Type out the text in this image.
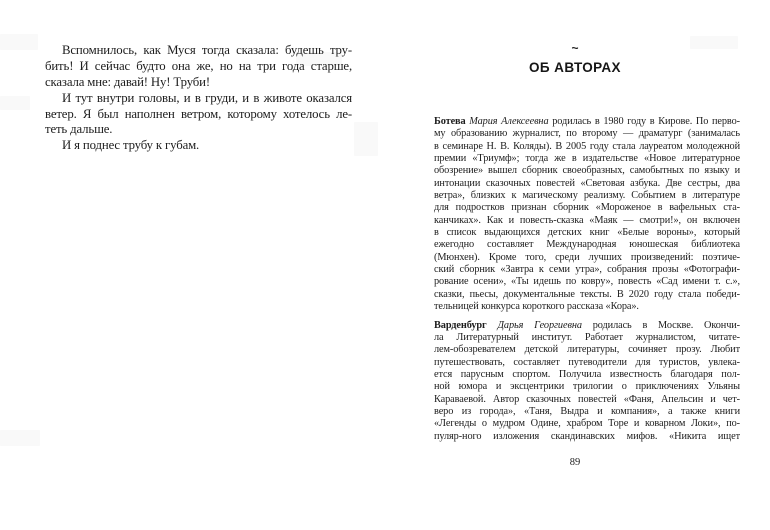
Вспомнилось, как Муся тогда сказала: будешь тру-
бить! И сейчас будто она же, но на три года старше,
сказала мне: давай! Ну! Труби!
И тут внутри головы, и в груди, и в животе оказался
ветер. Я был наполнен ветром, которому хотелось ле-
теть дальше.
И я поднес трубу к губам.
~
ОБ АВТОРАХ
Ботева Мария Алексеевна родилась в 1980 году в Кирове. По перво-
му образованию журналист, по второму — драматург (занималась
в семинаре Н. В. Коляды). В 2005 году стала лауреатом молодежной
премии «Триумф»; тогда же в издательстве «Новое литературное
обозрение» вышел сборник своеобразных, самобытных по языку и
интонации сказочных повестей «Световая азбука. Две сестры, два
ветра», близких к магическому реализму. Событием в литературе
для подростков признан сборник «Мороженое в вафельных ста-
канчиках». Как и повесть-сказка «Маяк — смотри!», он включен
в список выдающихся детских книг «Белые вороны», который
ежегодно составляет Международная юношеская библиотека
(Мюнхен). Кроме того, среди лучших произведений: поэтиче-
ский сборник «Завтра к семи утра», собрания прозы «Фотографи-
рование осени», «Ты идешь по ковру», повесть «Сад имени т. с.»,
сказки, пьесы, документальные тексты. В 2020 году стала победи-
тельницей конкурса короткого рассказа «Кора».
Варденбург Дарья Георгиевна родилась в Москве. Окончи-
ла Литературный институт. Работает журналистом, читате-
лем-обозревателем детской литературы, сочиняет прозу. Любит
путешествовать, составляет путеводители для туристов, увлека-
ется парусным спортом. Получила известность благодаря пол-
ной юмора и эксцентрики трилогии о приключениях Ульяны
Караваевой. Автор сказочных повестей «Фаня, Апельсин и чет-
веро из города», «Таня, Выдра и компания», а также книги
«Легенды о мудром Одине, храбром Торе и коварном Локи», по-
пуляр-ного изложения скандинавских мифов. «Никита ищет
89
